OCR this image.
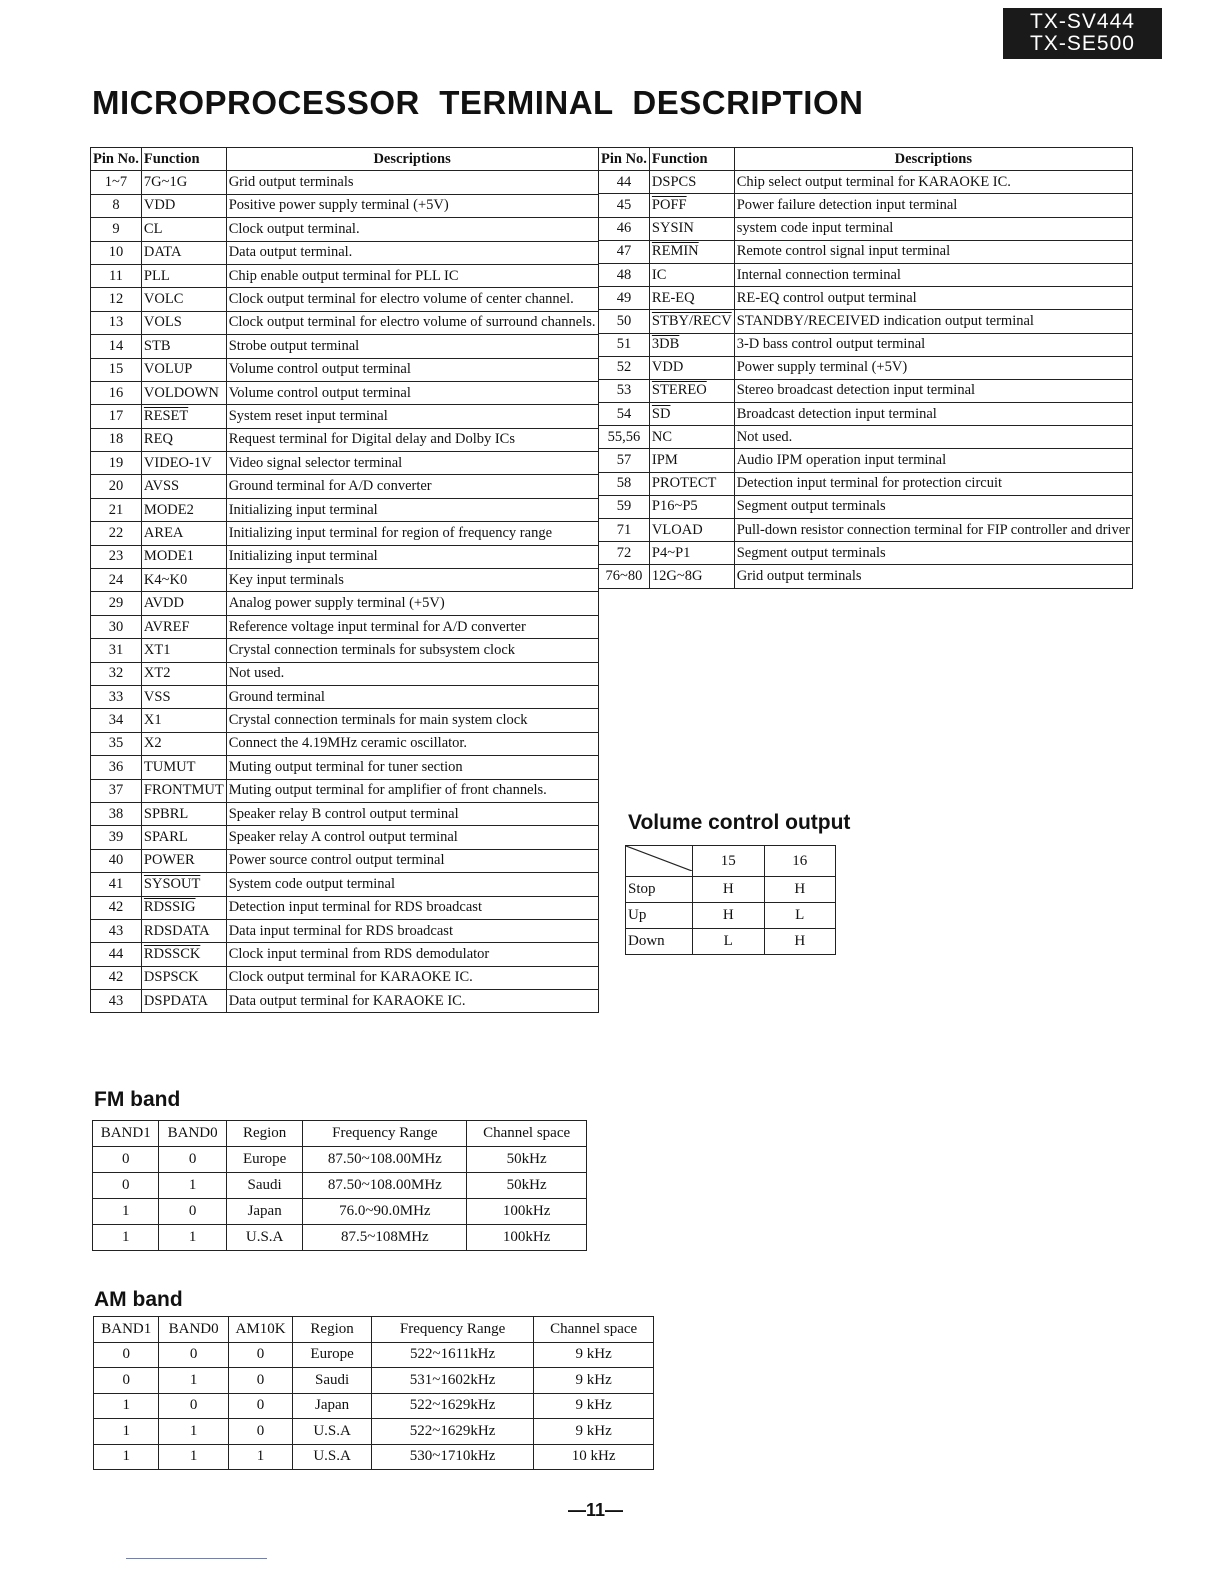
TX-SV444
TX-SE500
MICROPROCESSOR  TERMINAL  DESCRIPTION
Pin No.	Function	Descriptions
1~7	7G~1G	Grid output terminals
8	VDD	Positive power supply terminal (+5V)
9	CL	Clock output terminal.
10	DATA	Data output terminal.
11	PLL	Chip enable output terminal for PLL IC
12	VOLC	Clock output terminal for electro volume of center channel.
13	VOLS	Clock output terminal for electro volume of surround channels.
14	STB	Strobe output terminal
15	VOLUP	Volume control output terminal
16	VOLDOWN	Volume control output terminal
17	RESET	System reset input terminal
18	REQ	Request terminal for Digital delay and Dolby ICs
19	VIDEO-1V	Video signal selector terminal
20	AVSS	Ground terminal for A/D converter
21	MODE2	Initializing input terminal
22	AREA	Initializing input terminal for region of frequency range
23	MODE1	Initializing input terminal
24	K4~K0	Key input terminals
29	AVDD	Analog power supply terminal (+5V)
30	AVREF	Reference voltage input terminal for A/D converter
31	XT1	Crystal connection terminals for subsystem clock
32	XT2	Not used.
33	VSS	Ground terminal
34	X1	Crystal connection terminals for main system clock
35	X2	Connect the 4.19MHz ceramic oscillator.
36	TUMUT	Muting output terminal for tuner section
37	FRONTMUT	Muting output terminal for amplifier of front channels.
38	SPBRL	Speaker relay B control output terminal
39	SPARL	Speaker relay A control output terminal
40	POWER	Power source control output terminal
41	SYSOUT	System code output terminal
42	RDSSIG	Detection input terminal for RDS broadcast
43	RDSDATA	Data input terminal for RDS broadcast
44	RDSSCK	Clock input terminal from RDS demodulator
42	DSPSCK	Clock output terminal for KARAOKE IC.
43	DSPDATA	Data output terminal for KARAOKE IC.
Pin No.	Function	Descriptions
44	DSPCS	Chip select output terminal for KARAOKE IC.
45	POFF	Power failure detection input terminal
46	SYSIN	system code input terminal
47	REMIN	Remote control signal input terminal
48	IC	Internal connection terminal
49	RE-EQ	RE-EQ control output terminal
50	STBY/RECV	STANDBY/RECEIVED indication output terminal
51	3DB	3-D bass control output terminal
52	VDD	Power supply terminal (+5V)
53	STEREO	Stereo broadcast detection input terminal
54	$\overline{SD}$	Broadcast detection input terminal
55,56	NC	Not used.
57	IPM	Audio IPM operation input terminal
58	PROTECT	Detection input terminal for protection circuit
59	P16~P5	Segment output terminals
71	VLOAD	Pull-down resistor connection terminal for FIP controller and driver
72	P4~P1	Segment output terminals
76~80	12G~8G	Grid output terminals
Volume control output
	15	16
Stop	H	H
Up	H	L
Down	L	H
FM band
BAND1	BAND0	Region	Frequency Range	Channel space
0	0	Europe	87.50~108.00MHz	50kHz
0	1	Saudi	87.50~108.00MHz	50kHz
1	0	Japan	76.0~90.0MHz	100kHz
1	1	U.S.A	87.5~108MHz	100kHz
AM band
BAND1	BAND0	AM10K	Region	Frequency Range	Channel space
0	0	0	Europe	522~1611kHz	9 kHz
0	1	0	Saudi	531~1602kHz	9 kHz
1	0	0	Japan	522~1629kHz	9 kHz
1	1	0	U.S.A	522~1629kHz	9 kHz
1	1	1	U.S.A	530~1710kHz	10 kHz
—11—
